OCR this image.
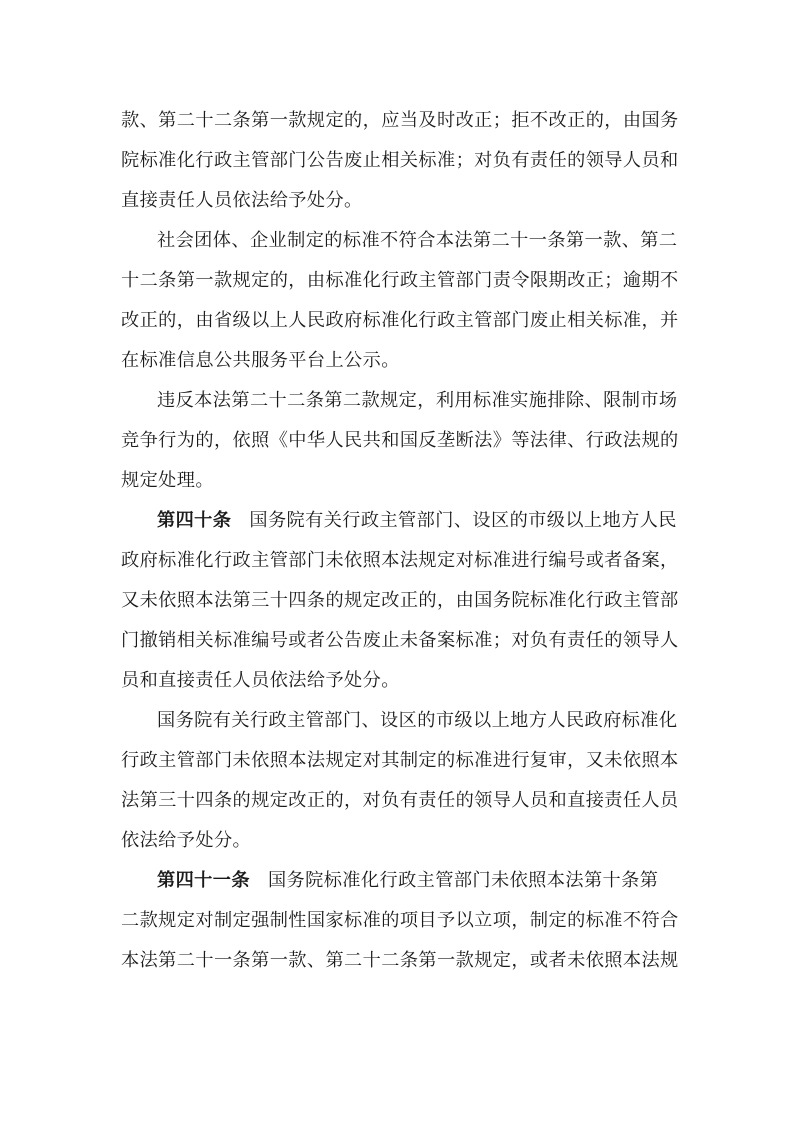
款、第二十二条第一款规定的，应当及时改正；拒不改正的，由国务
院标准化行政主管部门公告废止相关标准；对负有责任的领导人员和
直接责任人员依法给予处分。
社会团体、企业制定的标准不符合本法第二十一条第一款、第二
十二条第一款规定的，由标准化行政主管部门责令限期改正；逾期不
改正的，由省级以上人民政府标准化行政主管部门废止相关标准，并
在标准信息公共服务平台上公示。
违反本法第二十二条第二款规定，利用标准实施排除、限制市场
竞争行为的，依照《中华人民共和国反垄断法》等法律、行政法规的
规定处理。
第四十条 国务院有关行政主管部门、设区的市级以上地方人民
政府标准化行政主管部门未依照本法规定对标准进行编号或者备案，
又未依照本法第三十四条的规定改正的，由国务院标准化行政主管部
门撤销相关标准编号或者公告废止未备案标准；对负有责任的领导人
员和直接责任人员依法给予处分。
国务院有关行政主管部门、设区的市级以上地方人民政府标准化
行政主管部门未依照本法规定对其制定的标准进行复审，又未依照本
法第三十四条的规定改正的，对负有责任的领导人员和直接责任人员
依法给予处分。
第四十一条 国务院标准化行政主管部门未依照本法第十条第
二款规定对制定强制性国家标准的项目予以立项，制定的标准不符合
本法第二十一条第一款、第二十二条第一款规定，或者未依照本法规
